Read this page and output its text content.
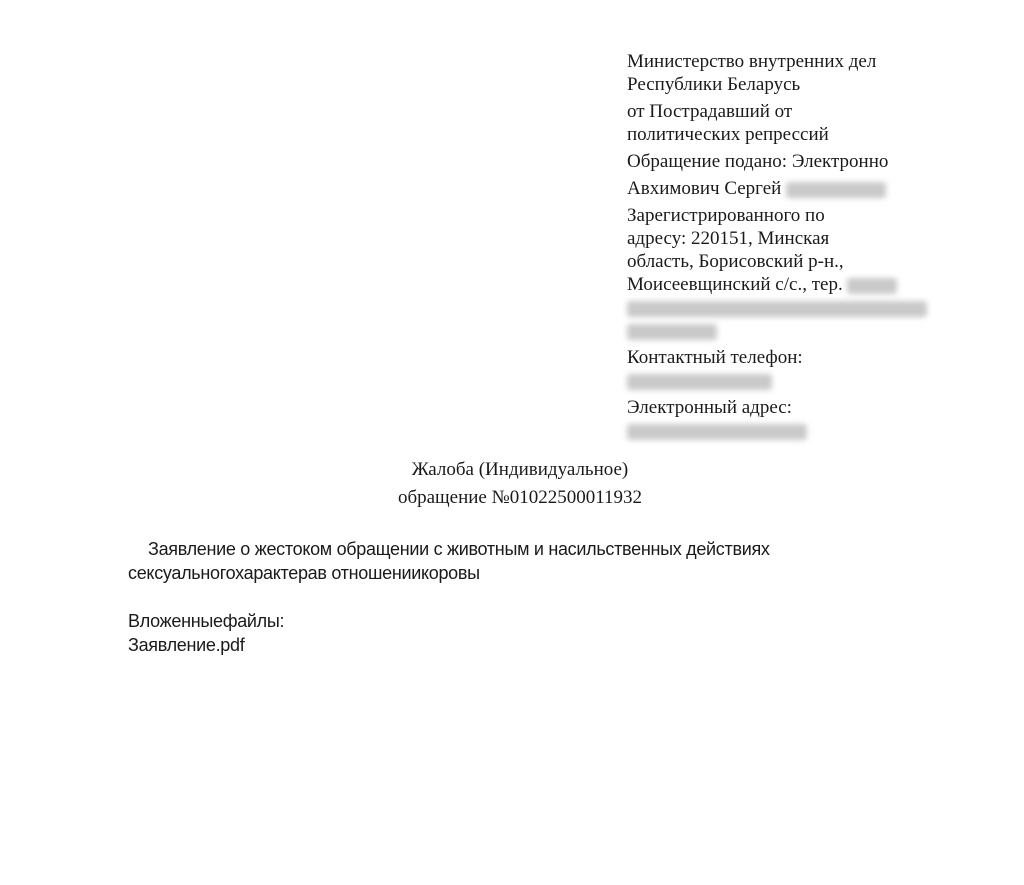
Министерство внутренних дел
Республики Беларусь
от Пострадавший от
политических репрессий
Обращение подано: Электронно
Авхимович Сергей
Зарегистрированного по
адресу: 220151, Минская
область, Борисовский р-н.,
Моисеевщинский с/с., тер.
Контактный телефон:
Электронный адрес:
Жалоба (Индивидуальное)
обращение №01022500011932
Заявление о жестоком обращении с животным и насильственных действиях
сексуальногохарактерав отношениикоровы
Вложенныефайлы:
Заявление.pdf
